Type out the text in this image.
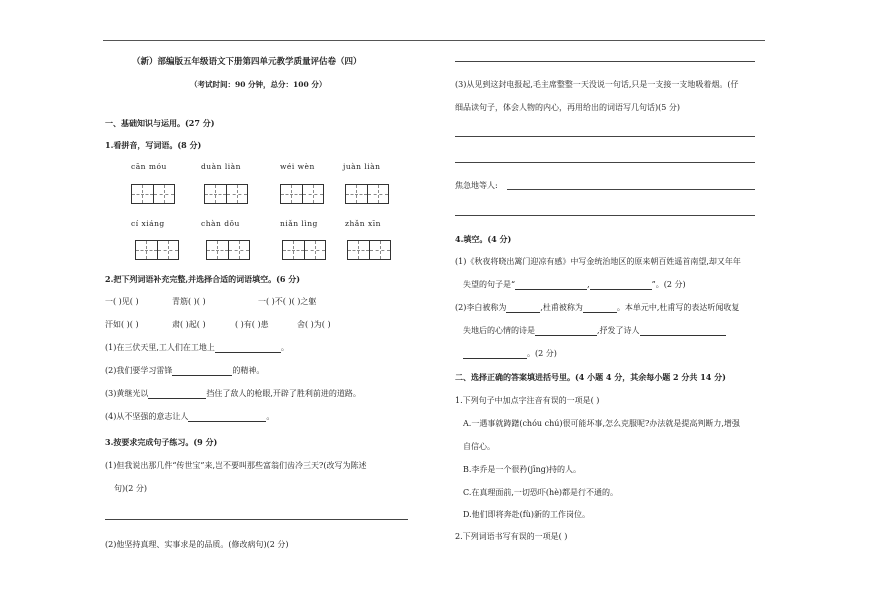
（新）部编版五年级语文下册第四单元教学质量评估卷（四）
（考试时间：90 分钟，总分：100 分）
一、基础知识与运用。(27 分)
1.看拼音，写词语。(8 分)
cān móu	duàn liàn	wéi wèn	juàn liàn
cí xiáng	chàn dǒu	niǎn lìng	zhǎn xīn
2.把下列词语补充完整,并选择合适的词语填空。(6 分)
一( )见( )	青筋( )( )	一( )不( )( )之躯
汗如( )( )	肃( )起( )	( )有( )患	舍( )为( )
(1)在三伏天里,工人们在工地上	。
(2)我们要学习雷锋	的精神。
(3)黄继光以	挡住了敌人的枪眼,开辟了胜利前进的道路。
(4)从不坚强的意志让人	。
3.按要求完成句子练习。(9 分)
(1)但我说出那几件“传世宝”来,岂不要叫那些富翁们齿冷三天?(改写为陈述
句)(2 分)
(2)他坚持真理、实事求是的品质。(修改病句)(2 分)
(3)从见到这封电报起,毛主席整整一天没说一句话,只是一支接一支地吸着烟。(仔
细品读句子，体会人物的内心，再用给出的词语写几句话)(5 分)
焦急地等人:
4.填空。(4 分)
(1)《秋夜将晓出篱门迎凉有感》中写金统治地区的原来朝百姓遥首南望,却又年年
失望的句子是“	,	”。(2 分)
(2)李白被称为	,杜甫被称为	。本单元中,杜甫写的表达听闻收复
失地后的心情的诗是	,抒发了诗人
。(2 分)
二、选择正确的答案填进括号里。(4 小题 4 分，其余每小题 2 分共 14 分)
1.下列句子中加点字注音有误的一项是( )
A.一遇事就踌躇(chóu chú)很可能坏事,怎么克服呢?办法就是提高判断力,增强
自信心。
B.李乔是一个很矜(jīng)持的人。
C.在真理面前,一切恐吓(hè)都是行不通的。
D.他们即将奔赴(fù)新的工作岗位。
2.下列词语书写有误的一项是( )
